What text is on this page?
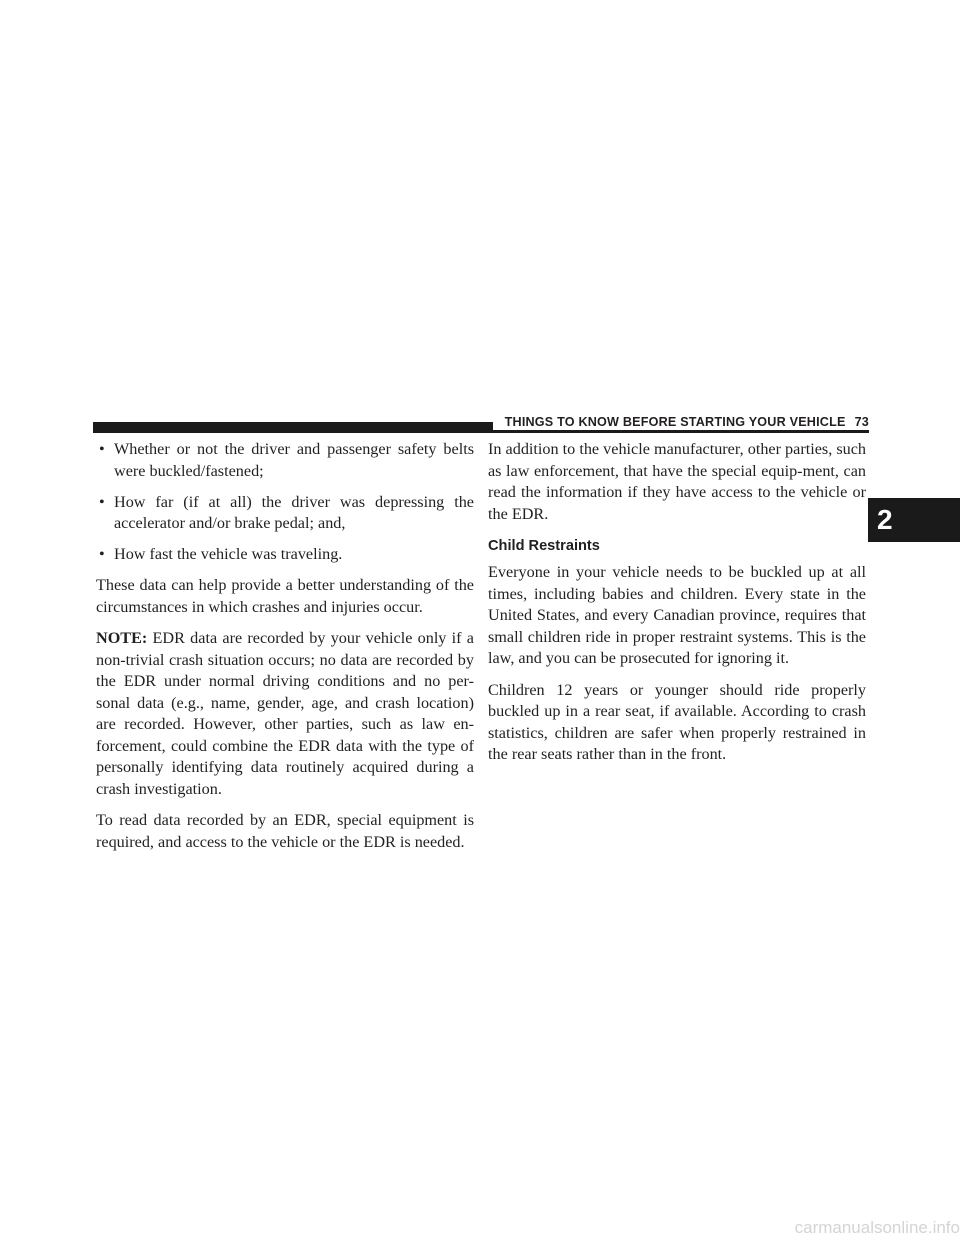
THINGS TO KNOW BEFORE STARTING YOUR VEHICLE 73
2
• Whether or not the driver and passenger safety belts were buckled/fastened;
• How far (if at all) the driver was depressing the accelerator and/or brake pedal; and,
• How fast the vehicle was traveling.

These data can help provide a better understanding of the circumstances in which crashes and injuries occur.

NOTE: EDR data are recorded by your vehicle only if a non-trivial crash situation occurs; no data are recorded by the EDR under normal driving conditions and no per-sonal data (e.g., name, gender, age, and crash location) are recorded. However, other parties, such as law en-forcement, could combine the EDR data with the type of personally identifying data routinely acquired during a crash investigation.

To read data recorded by an EDR, special equipment is required, and access to the vehicle or the EDR is needed.

In addition to the vehicle manufacturer, other parties, such as law enforcement, that have the special equip-ment, can read the information if they have access to the vehicle or the EDR.

Child Restraints

Everyone in your vehicle needs to be buckled up at all times, including babies and children. Every state in the United States, and every Canadian province, requires that small children ride in proper restraint systems. This is the law, and you can be prosecuted for ignoring it.

Children 12 years or younger should ride properly buckled up in a rear seat, if available. According to crash statistics, children are safer when properly restrained in the rear seats rather than in the front.

carmanualsonline.info
